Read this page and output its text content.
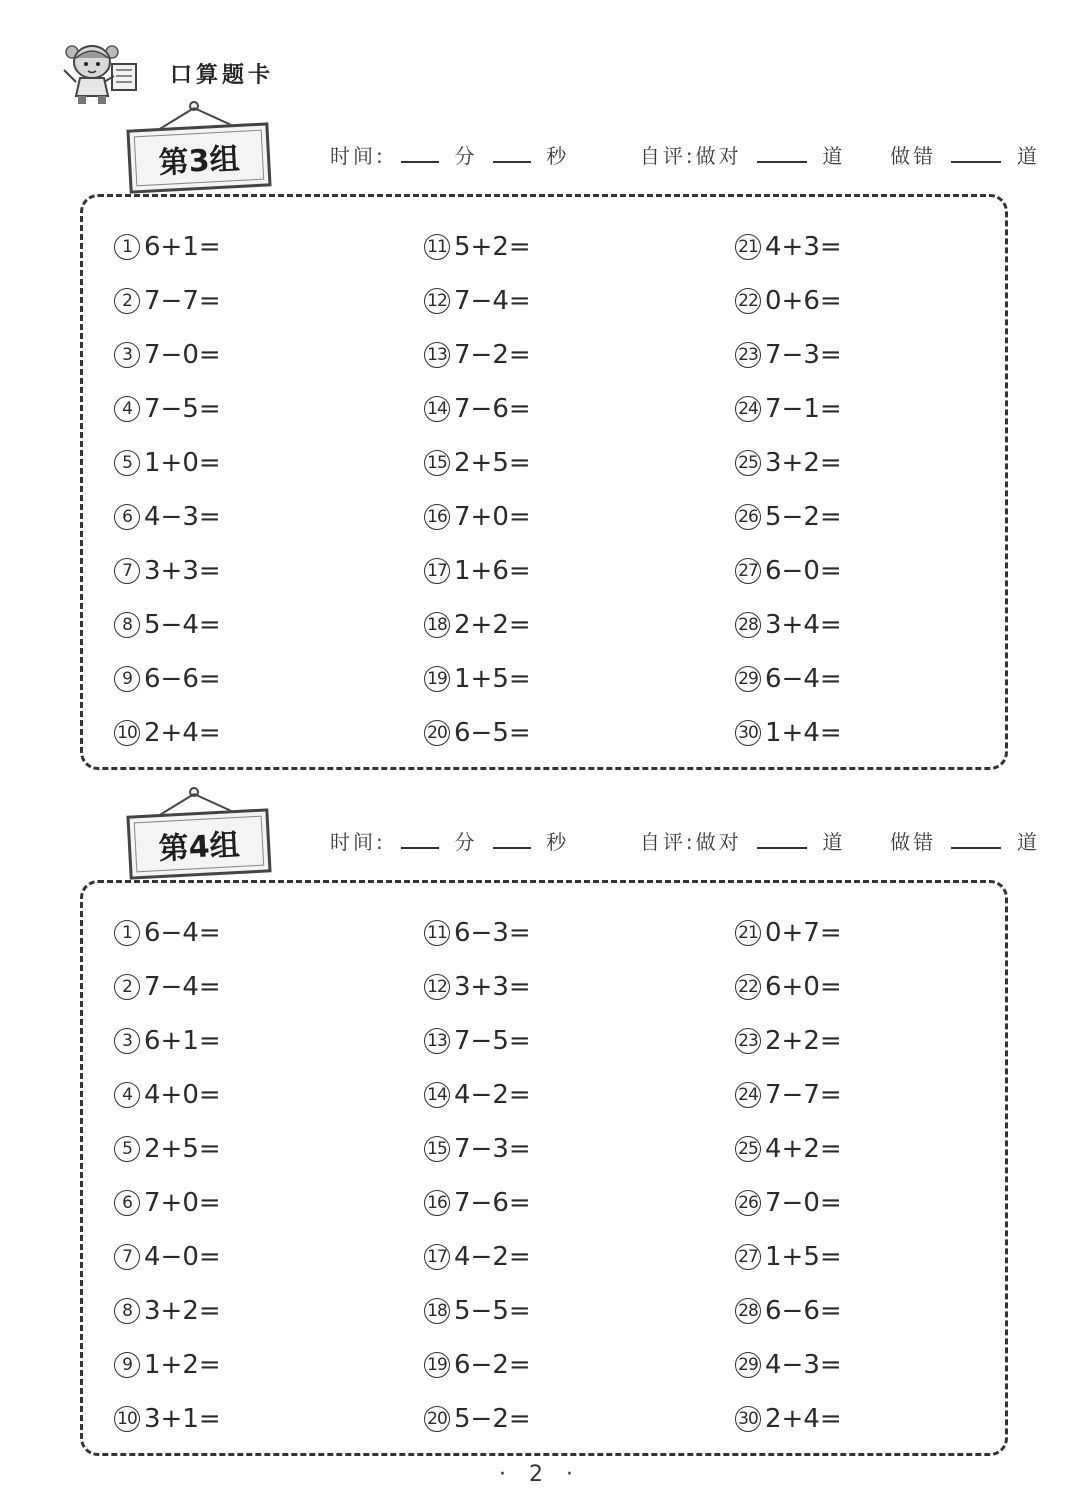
口算题卡
第3组	时间:	分	秒	自评:做对	道 做错	道
1 6+1=
2 7−7=
3 7−0=
4 7−5=
5 1+0=
6 4−3=
7 3+3=
8 5−4=
9 6−6=
10 2+4=
11 5+2=
12 7−4=
13 7−2=
14 7−6=
15 2+5=
16 7+0=
17 1+6=
18 2+2=
19 1+5=
20 6−5=
21 4+3=
22 0+6=
23 7−3=
24 7−1=
25 3+2=
26 5−2=
27 6−0=
28 3+4=
29 6−4=
30 1+4=
第4组	时间:	分	秒	自评:做对	道 做错	道
1 6−4=
2 7−4=
3 6+1=
4 4+0=
5 2+5=
6 7+0=
7 4−0=
8 3+2=
9 1+2=
10 3+1=
11 6−3=
12 3+3=
13 7−5=
14 4−2=
15 7−3=
16 7−6=
17 4−2=
18 5−5=
19 6−2=
20 5−2=
21 0+7=
22 6+0=
23 2+2=
24 7−7=
25 4+2=
26 7−0=
27 1+5=
28 6−6=
29 4−3=
30 2+4=
· 2 ·
